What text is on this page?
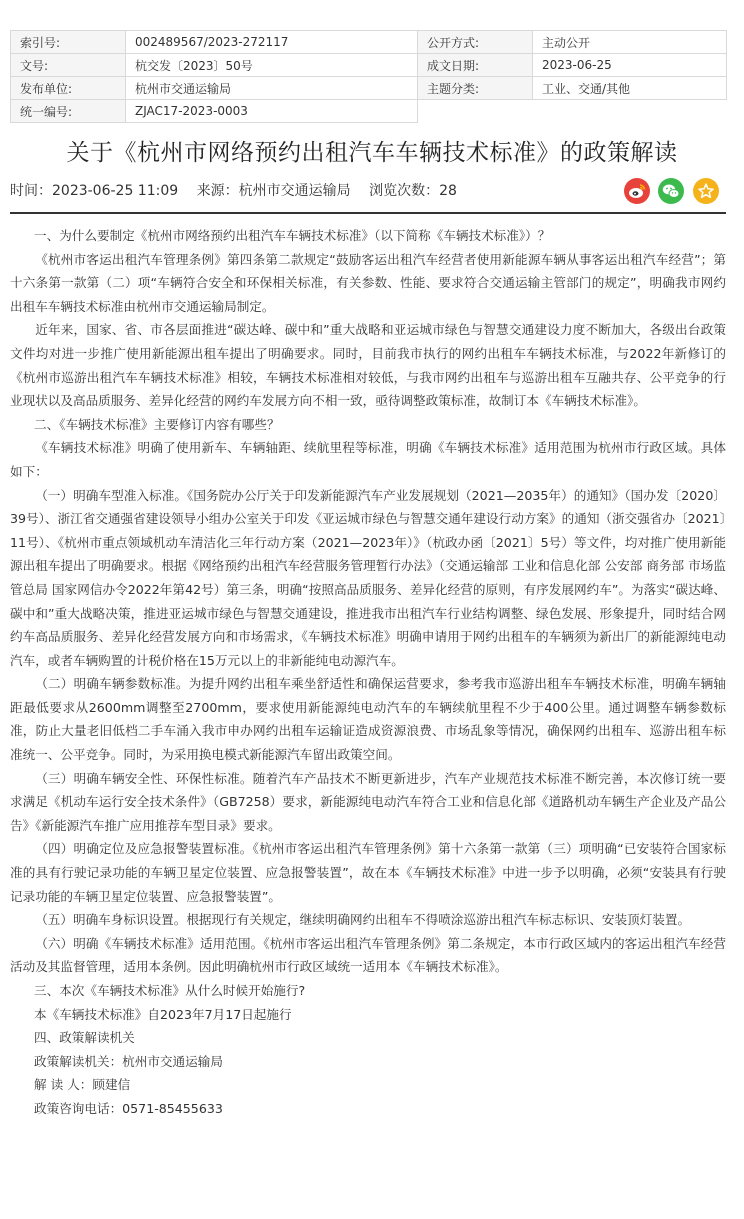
索引号:	002489567/2023-272117	公开方式:	主动公开
文号:	杭交发〔2023〕50号	成文日期:	2023-06-25
发布单位:	杭州市交通运输局	主题分类:	工业、交通/其他
统一编号:	ZJAC17-2023-0003		
关于《杭州市网络预约出租汽车车辆技术标准》的政策解读
时间：2023-06-25 11:09 来源：杭州市交通运输局 浏览次数：28

一、为什么要制定《杭州市网络预约出租汽车车辆技术标准》（以下简称《车辆技术标准》）？

《杭州市客运出租汽车管理条例》第四条第二款规定“鼓励客运出租汽车经营者使用新能源车辆从事客运出租汽车经营”；第十六条第一款第（二）项“车辆符合安全和环保相关标准，有关参数、性能、要求符合交通运输主管部门的规定”，明确我市网约出租车车辆技术标准由杭州市交通运输局制定。

近年来，国家、省、市各层面推进“碳达峰、碳中和”重大战略和亚运城市绿色与智慧交通建设力度不断加大，各级出台政策文件均对进一步推广使用新能源出租车提出了明确要求。同时，目前我市执行的网约出租车车辆技术标准，与2022年新修订的《杭州市巡游出租汽车车辆技术标准》相较，车辆技术标准相对较低，与我市网约出租车与巡游出租车互融共存、公平竞争的行业现状以及高品质服务、差异化经营的网约车发展方向不相一致，亟待调整政策标准，故制订本《车辆技术标准》。

二、《车辆技术标准》主要修订内容有哪些？

《车辆技术标准》明确了使用新车、车辆轴距、续航里程等标准，明确《车辆技术标准》适用范围为杭州市行政区域。具体如下：

（一）明确车型准入标准。《国务院办公厅关于印发新能源汽车产业发展规划（2021—2035年）的通知》（国办发〔2020〕39号）、浙江省交通强省建设领导小组办公室关于印发《亚运城市绿色与智慧交通年建设行动方案》的通知（浙交强省办〔2021〕11号）、《杭州市重点领域机动车清洁化三年行动方案（2021—2023年）》（杭政办函〔2021〕5号）等文件，均对推广使用新能源出租车提出了明确要求。根据《网络预约出租汽车经营服务管理暂行办法》（交通运输部 工业和信息化部 公安部 商务部 市场监管总局 国家网信办令2022年第42号）第三条，明确“按照高品质服务、差异化经营的原则，有序发展网约车”。为落实“碳达峰、碳中和”重大战略决策，推进亚运城市绿色与智慧交通建设，推进我市出租汽车行业结构调整、绿色发展、形象提升，同时结合网约车高品质服务、差异化经营发展方向和市场需求，《车辆技术标准》明确申请用于网约出租车的车辆须为新出厂的新能源纯电动汽车，或者车辆购置的计税价格在15万元以上的非新能纯电动源汽车。

（二）明确车辆参数标准。为提升网约出租车乘坐舒适性和确保运营要求，参考我市巡游出租车车辆技术标准，明确车辆轴距最低要求从2600mm调整至2700mm，要求使用新能源纯电动汽车的车辆续航里程不少于400公里。通过调整车辆参数标准，防止大量老旧低档二手车涌入我市申办网约出租车运输证造成资源浪费、市场乱象等情况，确保网约出租车、巡游出租车标准统一、公平竞争。同时，为采用换电模式新能源汽车留出政策空间。

（三）明确车辆安全性、环保性标准。随着汽车产品技术不断更新进步，汽车产业规范技术标准不断完善，本次修订统一要求满足《机动车运行安全技术条件》（GB7258）要求，新能源纯电动汽车符合工业和信息化部《道路机动车辆生产企业及产品公告》《新能源汽车推广应用推荐车型目录》要求。

（四）明确定位及应急报警装置标准。《杭州市客运出租汽车管理条例》第十六条第一款第（三）项明确“已安装符合国家标准的具有行驶记录功能的车辆卫星定位装置、应急报警装置”，故在本《车辆技术标准》中进一步予以明确，必须“安装具有行驶记录功能的车辆卫星定位装置、应急报警装置”。

（五）明确车身标识设置。根据现行有关规定，继续明确网约出租车不得喷涂巡游出租汽车标志标识、安装顶灯装置。

（六）明确《车辆技术标准》适用范围。《杭州市客运出租汽车管理条例》第二条规定，本市行政区域内的客运出租汽车经营活动及其监督管理，适用本条例。因此明确杭州市行政区域统一适用本《车辆技术标准》。

三、本次《车辆技术标准》从什么时候开始施行?

本《车辆技术标准》自2023年7月17日起施行

四、政策解读机关

政策解读机关：杭州市交通运输局

解 读 人：顾建信

政策咨询电话：0571-85455633
